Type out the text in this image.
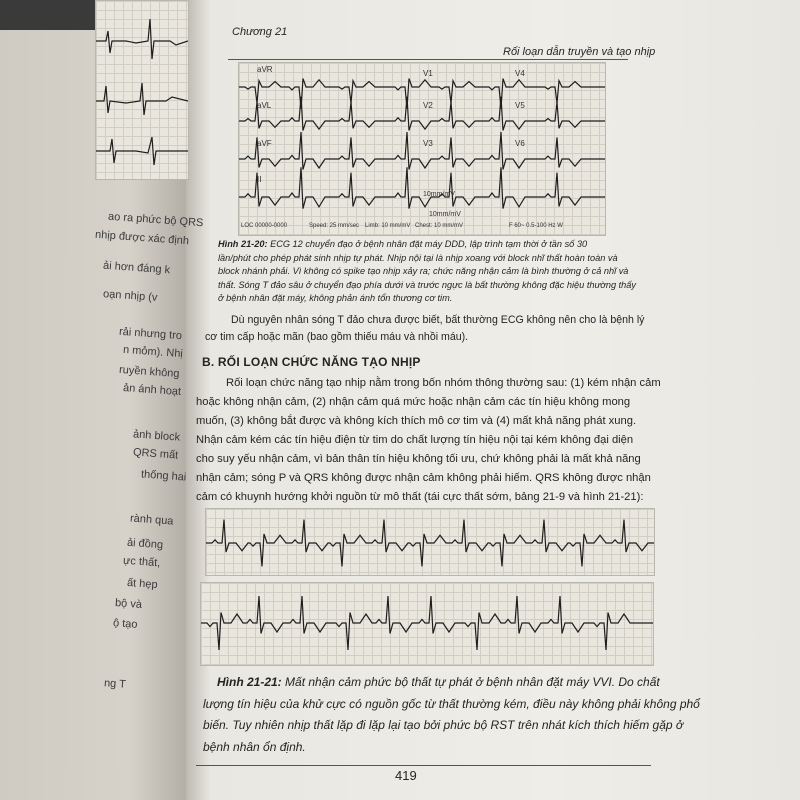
ao ra phức bộ QRS
nhịp được xác định
ải hơn đáng k
oạn nhịp (v
rải nhưng tro
n mỏm). Nhị
ruyền không
ản ánh hoạt
ảnh block
QRS mất
thống hai
rành qua
ải đồng
ực thất,
ất hẹp
bộ và
ộ tạo
ng T
Chương 21
Rối loạn dẫn truyền và tạo nhịp
aVR	V1	V4
aVL	V2	V5
aVF	V3	V6
II
10mm/mV
10mm/mV
LOC 00000-0000	Speed: 25 mm/sec Limb: 10 mm/mV Chest: 10 mm/mV	F 60~ 0.5-100 Hz W
Hình 21-20: ECG 12 chuyển đạo ở bệnh nhân đặt máy DDD, lập trình tạm thời ở tần số 30
lần/phút cho phép phát sinh nhịp tự phát. Nhịp nội tại là nhịp xoang với block nhĩ thất hoàn toàn và
block nhánh phải. Vì không có spike tạo nhịp xảy ra; chức năng nhận cảm là bình thường ở cả nhĩ và
thất. Sóng T đảo sâu ở chuyển đạo phía dưới và trước ngực là bất thường không đặc hiệu thường thấy
ở bệnh nhân đặt máy, không phản ánh tổn thương cơ tim.
Dù nguyên nhân sóng T đảo chưa được biết, bất thường ECG không nên cho là bệnh lý
cơ tim cấp hoặc mãn (bao gồm thiếu máu và nhồi máu).
B. RỐI LOẠN CHỨC NĂNG TẠO NHỊP
Rối loạn chức năng tạo nhịp nằm trong bốn nhóm thông thường sau: (1) kém nhận cảm
hoặc không nhận cảm, (2) nhận cảm quá mức hoặc nhận cảm các tín hiệu không mong
muốn, (3) không bắt được và không kích thích mô cơ tim và (4) mất khả năng phát xung.
Nhận cảm kém các tín hiệu điện từ tim do chất lượng tín hiệu nội tại kém không đại diện
cho suy yếu nhận cảm, vì bản thân tín hiệu không tối ưu, chứ không phải là mất khả năng
nhận cảm; sóng P và QRS không được nhận cảm không phải hiếm. QRS không được nhận
cảm có khuynh hướng khởi nguồn từ mô thất (tái cực thất sớm, bảng 21-9 và hình 21-21):
Hình 21-21: Mất nhận cảm phức bộ thất tự phát ở bệnh nhân đặt máy VVI. Do chất
lượng tín hiệu của khử cực có nguồn gốc từ thất thường kém, điều này không phải không phổ
biến. Tuy nhiên nhịp thất lặp đi lặp lại tạo bởi phức bộ RST trên nhát kích thích hiếm gặp ở
bệnh nhân ổn định.
419
